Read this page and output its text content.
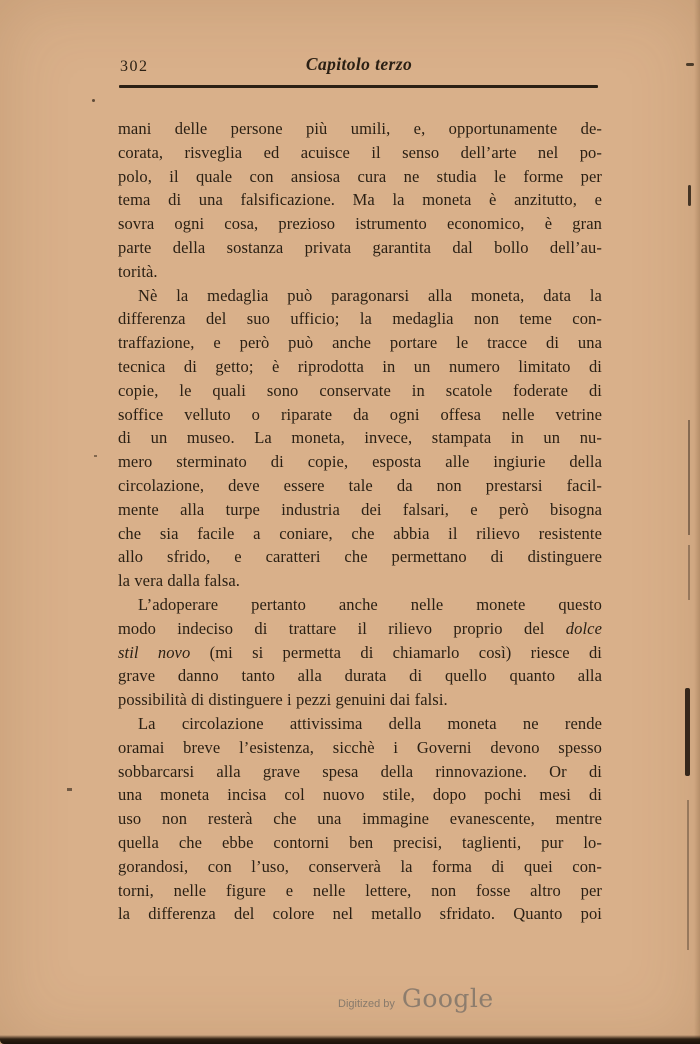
302	Capitolo terzo
mani delle persone più umili, e, opportunamente de-
corata, risveglia ed acuisce il senso dell’arte nel po-
polo, il quale con ansiosa cura ne studia le forme per
tema di una falsificazione. Ma la moneta è anzitutto, e
sovra ogni cosa, prezioso istrumento economico, è gran
parte della sostanza privata garantita dal bollo dell’au-
torità.
Nè la medaglia può paragonarsi alla moneta, data la
differenza del suo ufficio; la medaglia non teme con-
traffazione, e però può anche portare le tracce di una
tecnica di getto; è riprodotta in un numero limitato di
copie, le quali sono conservate in scatole foderate di
soffice velluto o riparate da ogni offesa nelle vetrine
di un museo. La moneta, invece, stampata in un nu-
mero sterminato di copie, esposta alle ingiurie della
circolazione, deve essere tale da non prestarsi facil-
mente alla turpe industria dei falsari, e però bisogna
che sia facile a coniare, che abbia il rilievo resistente
allo sfrido, e caratteri che permettano di distinguere
la vera dalla falsa.
L’adoperare pertanto anche nelle monete questo
modo indeciso di trattare il rilievo proprio del dolce
stil novo (mi si permetta di chiamarlo così) riesce di
grave danno tanto alla durata di quello quanto alla
possibilità di distinguere i pezzi genuini dai falsi.
La circolazione attivissima della moneta ne rende
oramai breve l’esistenza, sicchè i Governi devono spesso
sobbarcarsi alla grave spesa della rinnovazione. Or di
una moneta incisa col nuovo stile, dopo pochi mesi di
uso non resterà che una immagine evanescente, mentre
quella che ebbe contorni ben precisi, taglienti, pur lo-
gorandosi, con l’uso, conserverà la forma di quei con-
torni, nelle figure e nelle lettere, non fosse altro per
la differenza del colore nel metallo sfridato. Quanto poi
Digitized by Google
